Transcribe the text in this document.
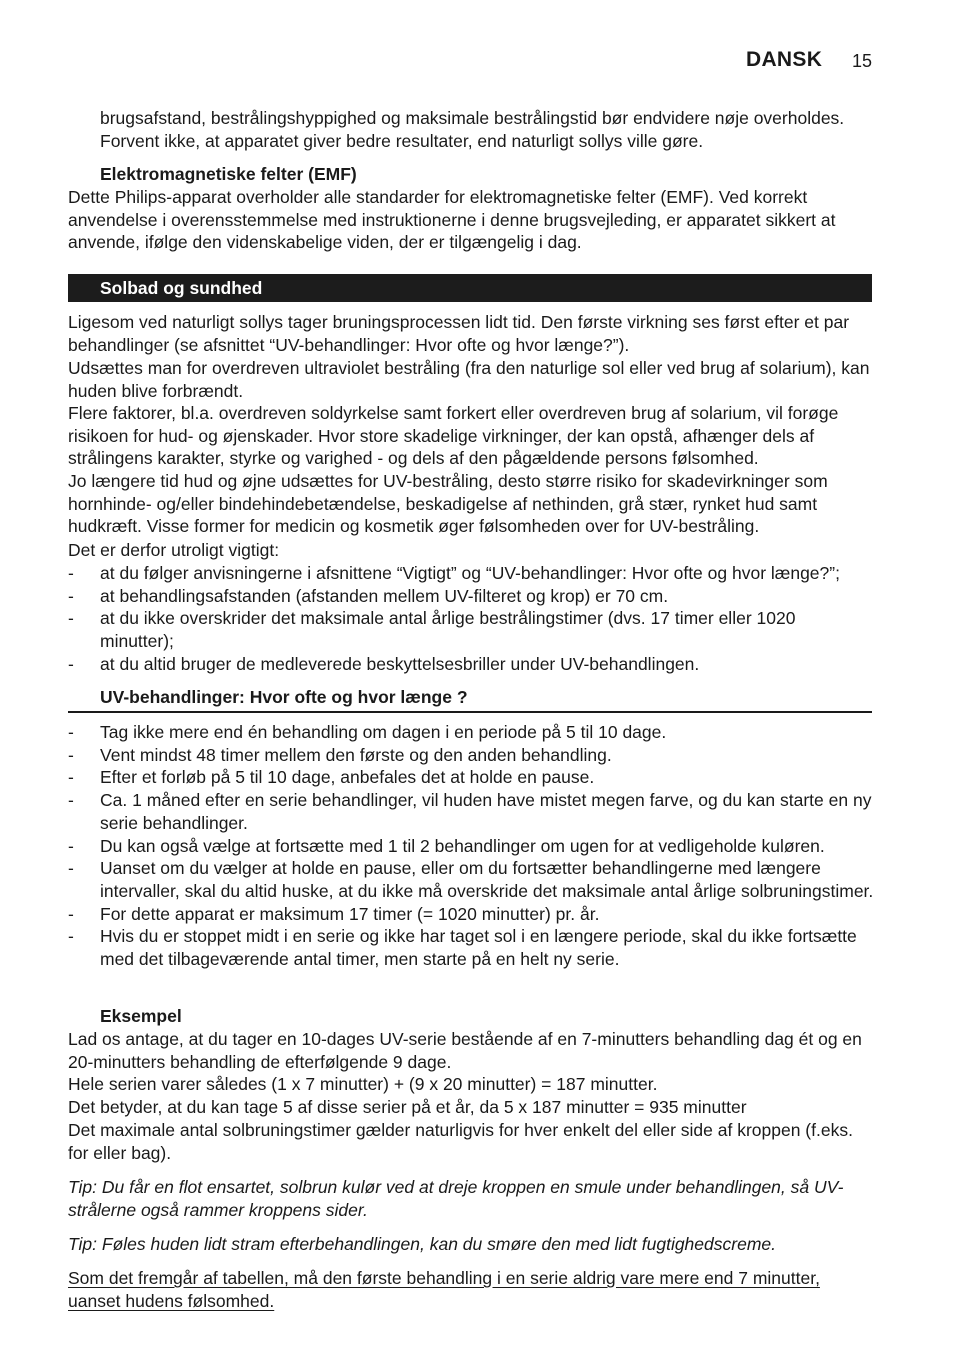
DANSK 15

brugsafstand, bestrålingshyppighed og maksimale bestrålingstid bør endvidere nøje overholdes. Forvent ikke, at apparatet giver bedre resultater, end naturligt sollys ville gøre.

Elektromagnetiske felter (EMF)

Dette Philips-apparat overholder alle standarder for elektromagnetiske felter (EMF). Ved korrekt anvendelse i overensstemmelse med instruktionerne i denne brugsvejleding, er apparatet sikkert at anvende, ifølge den videnskabelige viden, der er tilgængelig i dag.

Solbad og sundhed

Ligesom ved naturligt sollys tager bruningsprocessen lidt tid. Den første virkning ses først efter et par behandlinger (se afsnittet “UV-behandlinger: Hvor ofte og hvor længe?”).

Udsættes man for overdreven ultraviolet bestråling (fra den naturlige sol eller ved brug af solarium), kan huden blive forbrændt.

Flere faktorer, bl.a. overdreven soldyrkelse samt forkert eller overdreven brug af solarium, vil forøge risikoen for hud- og øjenskader. Hvor store skadelige virkninger, der kan opstå, afhænger dels af strålingens karakter, styrke og varighed - og dels af den pågældende persons følsomhed.

Jo længere tid hud og øjne udsættes for UV-bestråling, desto større risiko for skadevirkninger som hornhinde- og/eller bindehindebetændelse, beskadigelse af nethinden, grå stær, rynket hud samt hudkræft. Visse former for medicin og kosmetik øger følsomheden over for UV-bestråling.

Det er derfor utroligt vigtigt:

- at du følger anvisningerne i afsnittene “Vigtigt” og “UV-behandlinger: Hvor ofte og hvor længe?”;
- at behandlingsafstanden (afstanden mellem UV-filteret og krop) er 70 cm.
- at du ikke overskrider det maksimale antal årlige bestrålingstimer (dvs. 17 timer eller 1020 minutter);
- at du altid bruger de medleverede beskyttelsesbriller under UV-behandlingen.
UV-behandlinger: Hvor ofte og hvor længe ?
- Tag ikke mere end én behandling om dagen i en periode på 5 til 10 dage.
- Vent mindst 48 timer mellem den første og den anden behandling.
- Efter et forløb på 5 til 10 dage, anbefales det at holde en pause.
- Ca. 1 måned efter en serie behandlinger, vil huden have mistet megen farve, og du kan starte en ny serie behandlinger.
- Du kan også vælge at fortsætte med 1 til 2 behandlinger om ugen for at vedligeholde kuløren.
- Uanset om du vælger at holde en pause, eller om du fortsætter behandlingerne med længere intervaller, skal du altid huske, at du ikke må overskride det maksimale antal årlige solbruningstimer.
- For dette apparat er maksimum 17 timer (= 1020 minutter) pr. år.
- Hvis du er stoppet midt i en serie og ikke har taget sol i en længere periode, skal du ikke fortsætte med det tilbageværende antal timer, men starte på en helt ny serie.

Eksempel

Lad os antage, at du tager en 10-dages UV-serie bestående af en 7-minutters behandling dag ét og en 20-minutters behandling de efterfølgende 9 dage.

Hele serien varer således (1 x 7 minutter) + (9 x 20 minutter) = 187 minutter.

Det betyder, at du kan tage 5 af disse serier på et år, da 5 x 187 minutter = 935 minutter

Det maximale antal solbruningstimer gælder naturligvis for hver enkelt del eller side af kroppen (f.eks. for eller bag).

Tip: Du får en flot ensartet, solbrun kulør ved at dreje kroppen en smule under behandlingen, så UV-strålerne også rammer kroppens sider.

Tip: Føles huden lidt stram efterbehandlingen, kan du smøre den med lidt fugtighedscreme.

Som det fremgår af tabellen, må den første behandling i en serie aldrig vare mere end 7 minutter, uanset hudens følsomhed.
